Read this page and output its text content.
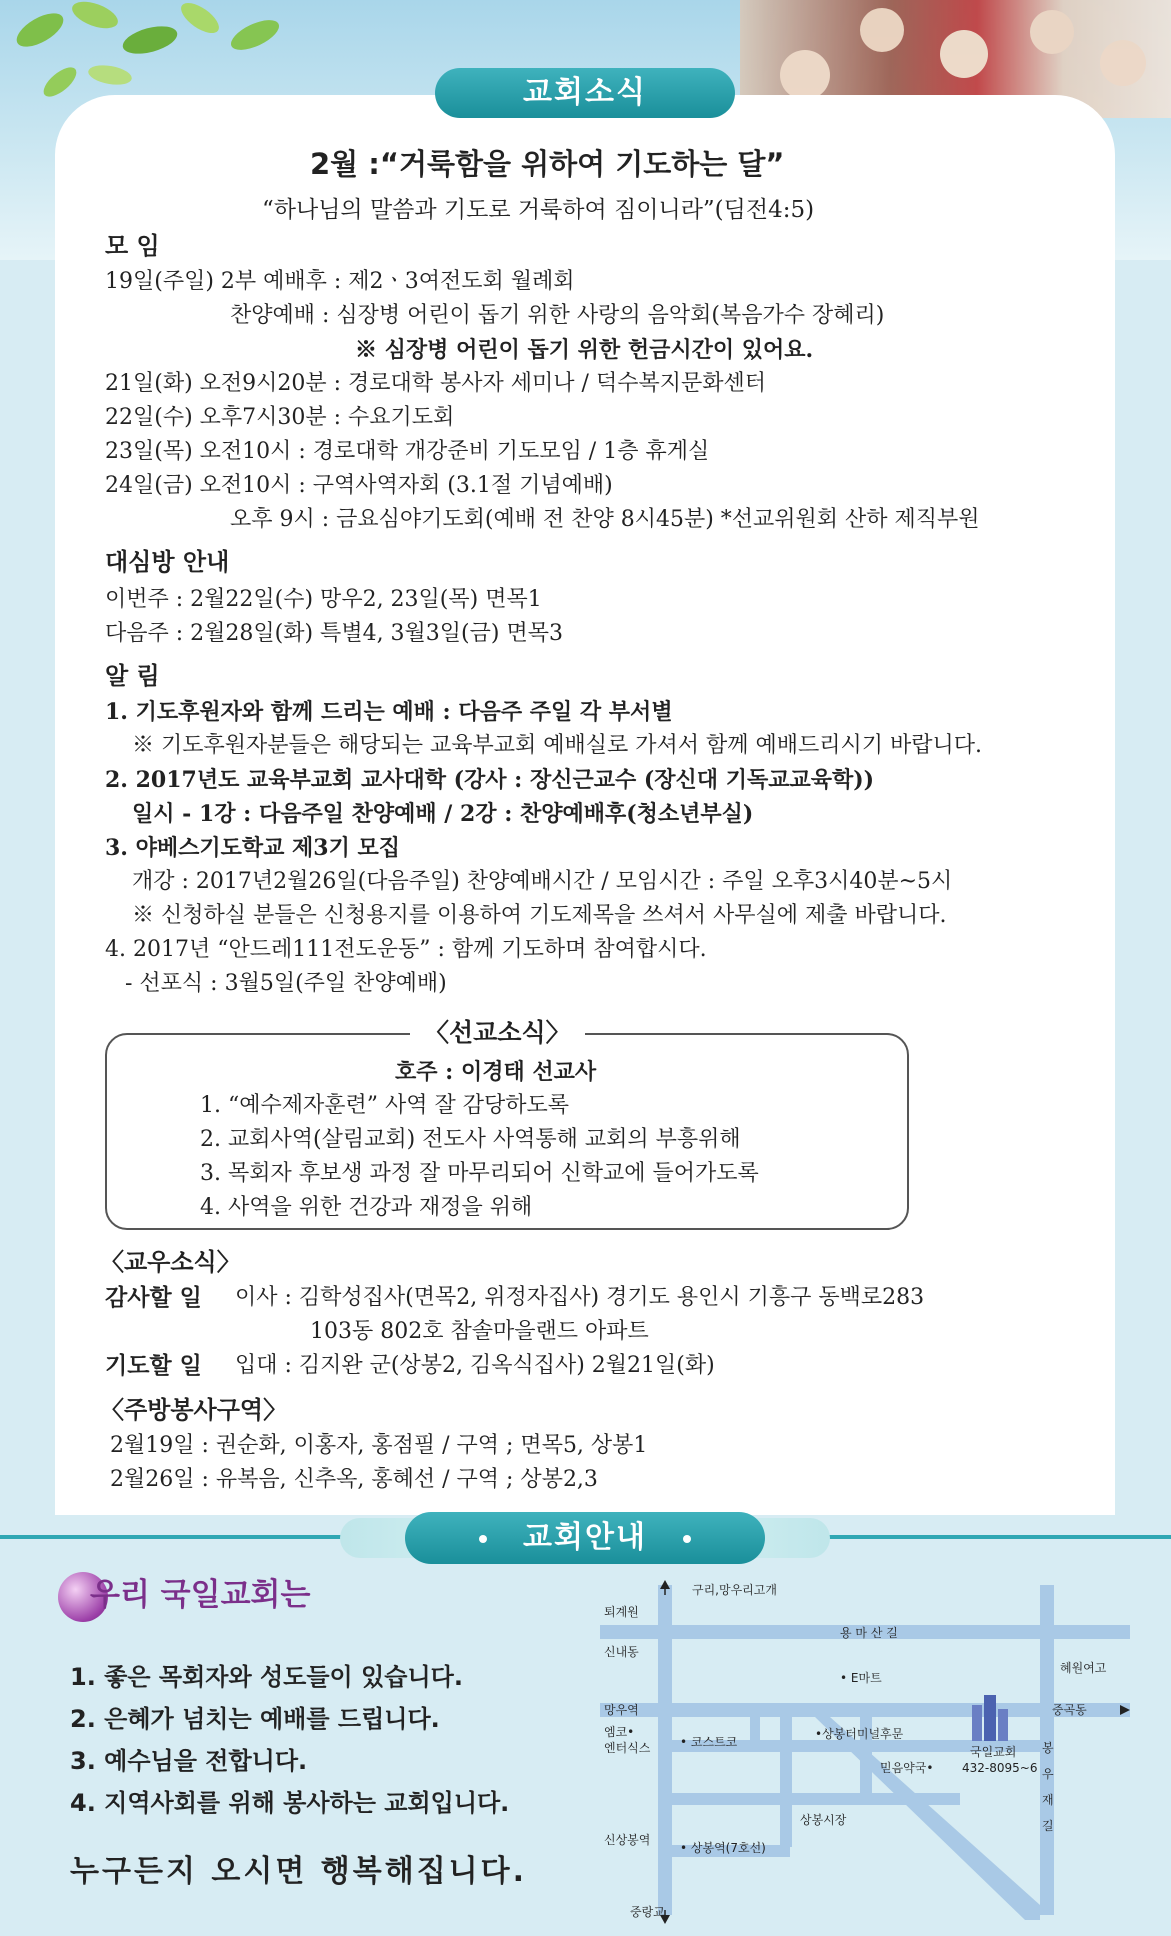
교회소식
2월 :“거룩함을 위하여 기도하는 달”
“하나님의 말씀과 기도로 거룩하여 짐이니라”(딤전4:5)
모 임
19일(주일) 2부 예배후 : 제2ㆍ3여전도회 월례회
찬양예배 : 심장병 어린이 돕기 위한 사랑의 음악회(복음가수 장혜리)
※ 심장병 어린이 돕기 위한 헌금시간이 있어요.
21일(화) 오전9시20분 : 경로대학 봉사자 세미나 / 덕수복지문화센터
22일(수) 오후7시30분 : 수요기도회
23일(목) 오전10시 : 경로대학 개강준비 기도모임 / 1층 휴게실
24일(금) 오전10시 : 구역사역자회 (3.1절 기념예배)
오후 9시 : 금요심야기도회(예배 전 찬양 8시45분) *선교위원회 산하 제직부원
대심방 안내
이번주 : 2월22일(수) 망우2, 23일(목) 면목1
다음주 : 2월28일(화) 특별4, 3월3일(금) 면목3
알 림
1. 기도후원자와 함께 드리는 예배 : 다음주 주일 각 부서별
※ 기도후원자분들은 해당되는 교육부교회 예배실로 가셔서 함께 예배드리시기 바랍니다.
2. 2017년도 교육부교회 교사대학 (강사 : 장신근교수 (장신대 기독교교육학))
일시 - 1강 : 다음주일 찬양예배 / 2강 : 찬양예배후(청소년부실)
3. 야베스기도학교 제3기 모집
개강 : 2017년2월26일(다음주일) 찬양예배시간 / 모임시간 : 주일 오후3시40분~5시
※ 신청하실 분들은 신청용지를 이용하여 기도제목을 쓰셔서 사무실에 제출 바랍니다.
4. 2017년 “안드레111전도운동” : 함께 기도하며 참여합시다.
- 선포식 : 3월5일(주일 찬양예배)
〈선교소식〉
호주 : 이경태 선교사
1. “예수제자훈련” 사역 잘 감당하도록
2. 교회사역(살림교회) 전도사 사역통해 교회의 부흥위해
3. 목회자 후보생 과정 잘 마무리되어 신학교에 들어가도록
4. 사역을 위한 건강과 재정을 위해
〈교우소식〉
감사할 일 이사 : 김학성집사(면목2, 위정자집사) 경기도 용인시 기흥구 동백로283
103동 802호 참솔마을랜드 아파트
기도할 일 입대 : 김지완 군(상봉2, 김옥식집사) 2월21일(화)
〈주방봉사구역〉
2월19일 : 권순화, 이홍자, 홍점필 / 구역 ; 면목5, 상봉1
2월26일 : 유복음, 신추옥, 홍혜선 / 구역 ; 상봉2,3
교회안내
우리 국일교회는
1. 좋은 목회자와 성도들이 있습니다.
2. 은혜가 넘치는 예배를 드립니다.
3. 예수님을 전합니다.
4. 지역사회를 위해 봉사하는 교회입니다.
누구든지 오시면 행복해집니다.
구리,망우리고개
퇴계원
용 마 산 길
신내동
• E마트
혜원여고
망우역	중곡동
엠코•
엔터식스 • 코스트코
•상봉터미널후문
국일교회
432-8095~6
봉 우 재 길
믿음약국•
상봉시장
신상봉역
• 상봉역(7호선)
중랑교
